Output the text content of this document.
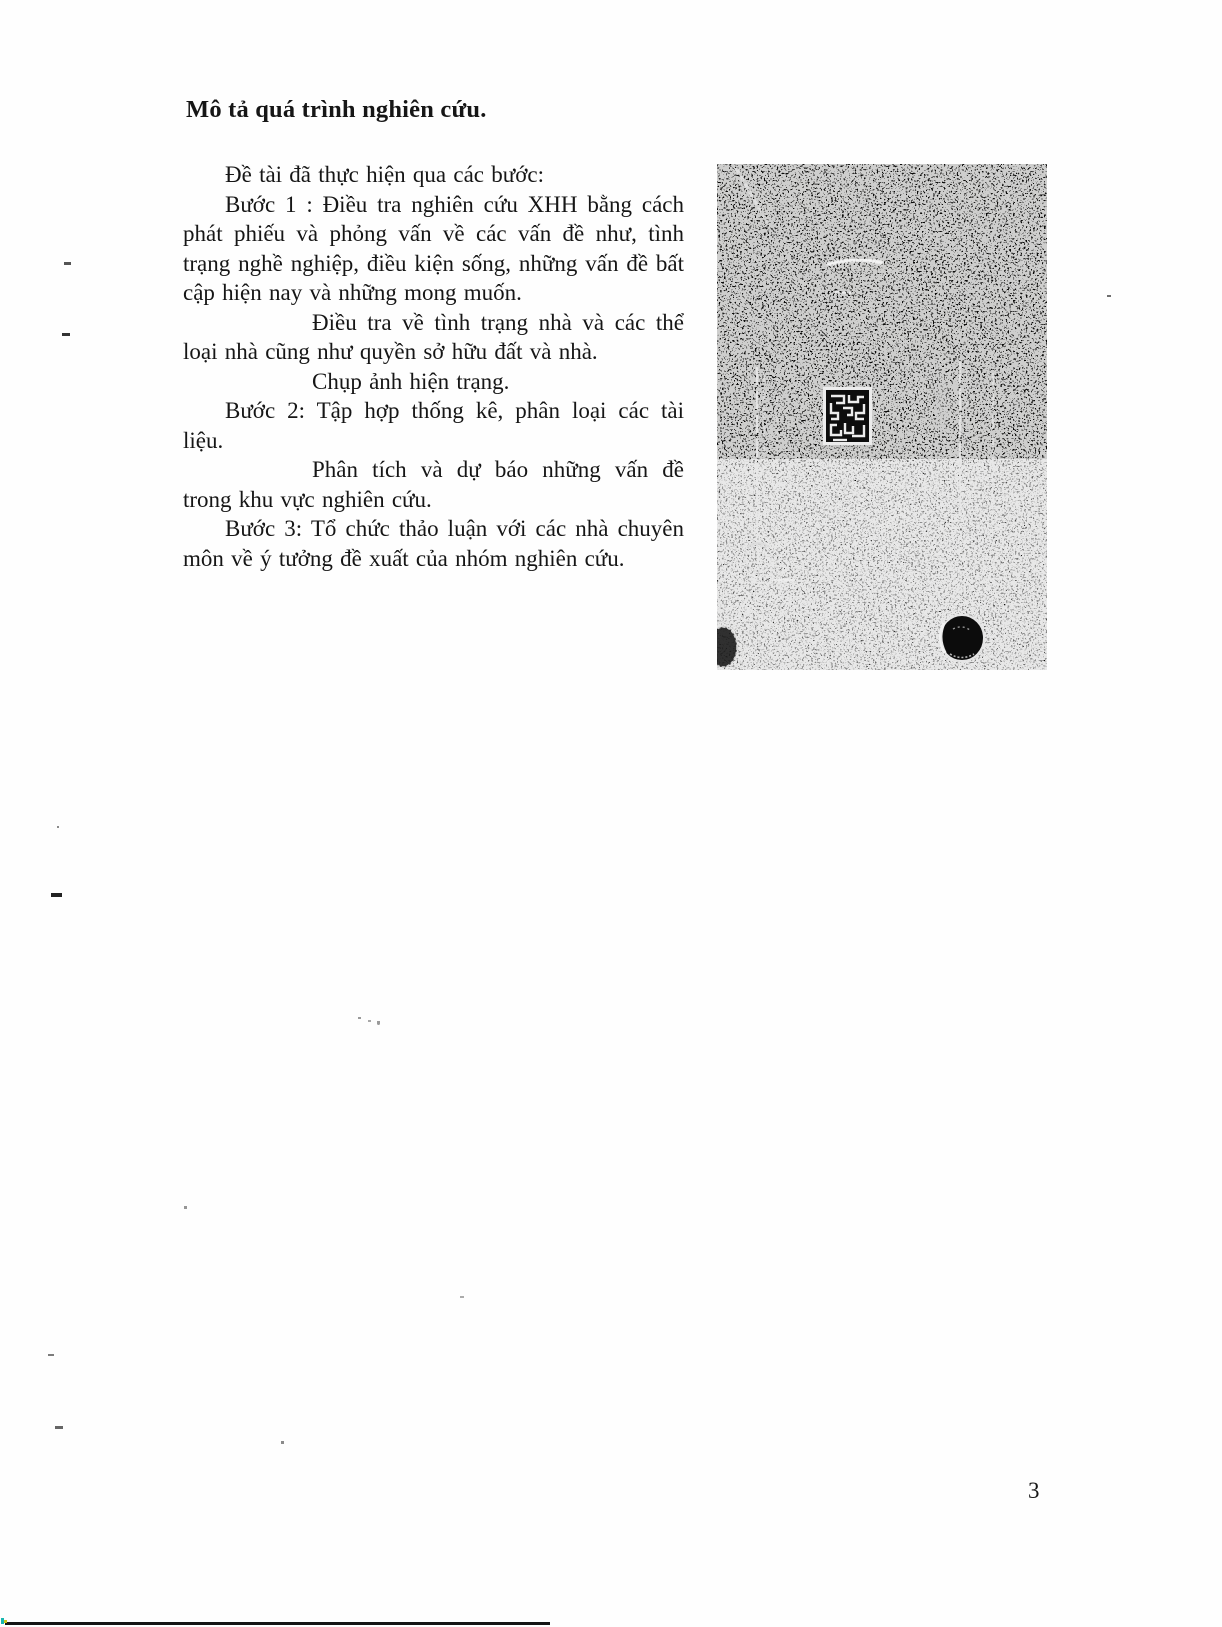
Mô tả quá trình nghiên cứu.

Đề tài đã thực hiện qua các bước:

Bước 1 : Điều tra nghiên cứu XHH bằng cách phát phiếu và phỏng vấn về các vấn đề như, tình trạng nghề nghiệp, điều kiện sống, những vấn đề bất cập hiện nay và những mong muốn.

Điều tra về tình trạng nhà và các thể loại nhà cũng như quyền sở hữu đất và nhà.

Chụp ảnh hiện trạng.

Bước 2: Tập hợp thống kê, phân loại các tài liệu.

Phân tích và dự báo những vấn đề trong khu vực nghiên cứu.

Bước 3: Tổ chức thảo luận với các nhà chuyên môn về ý tưởng đề xuất của nhóm nghiên cứu.

3
